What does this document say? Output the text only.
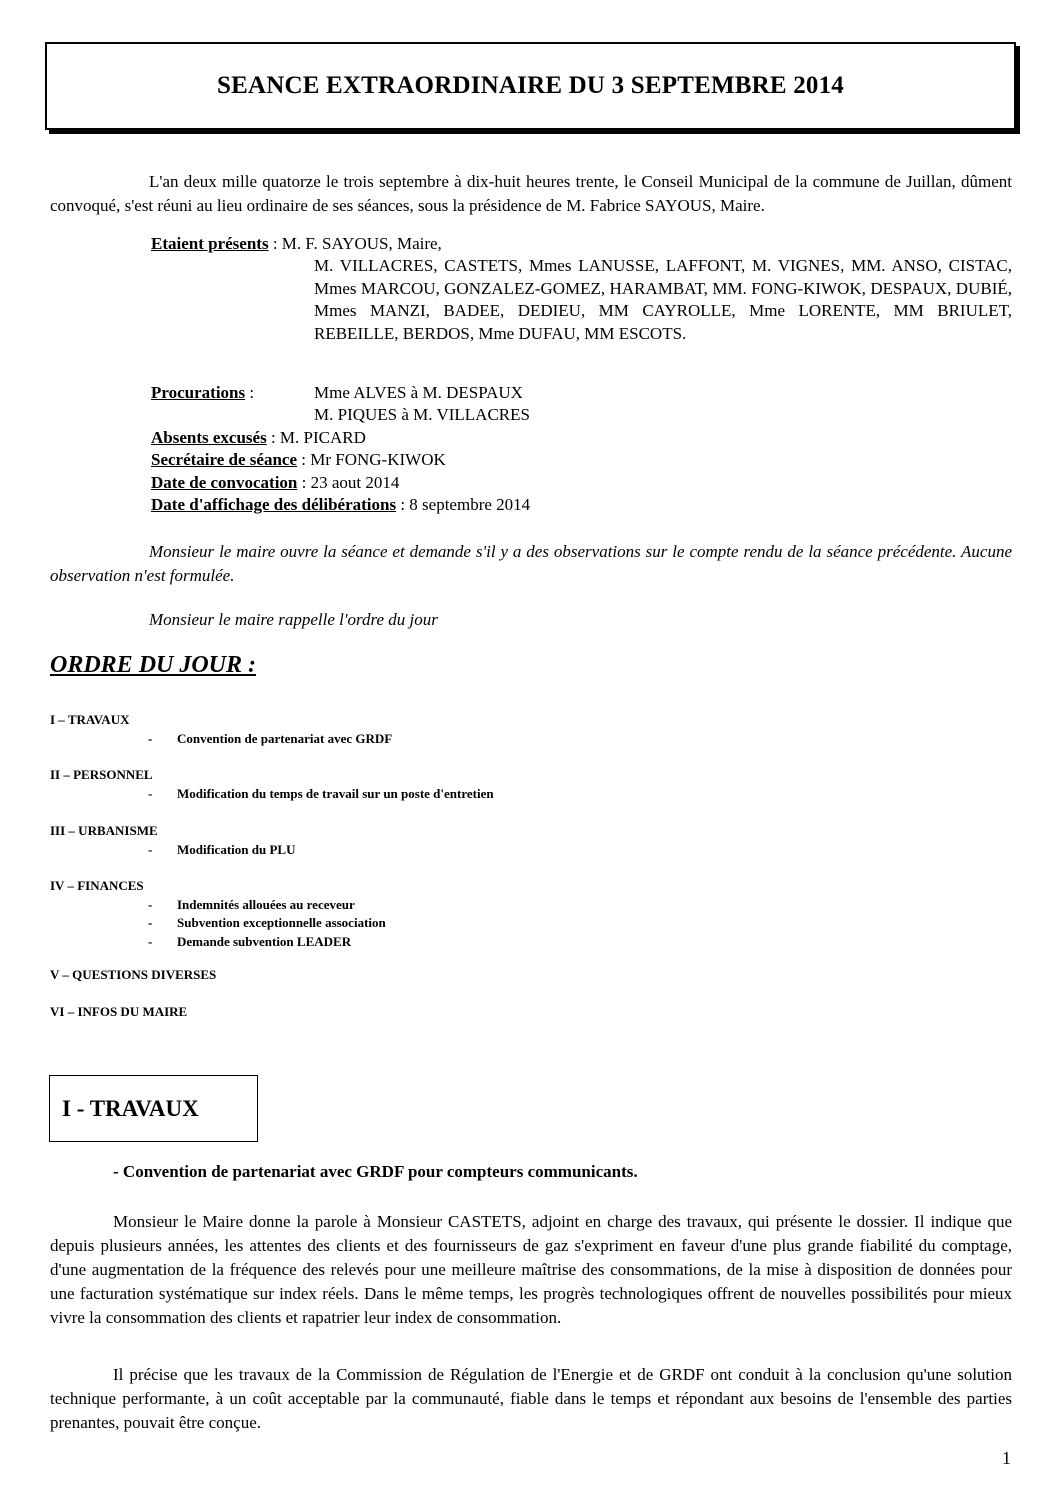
SEANCE EXTRAORDINAIRE DU 3 SEPTEMBRE 2014

L'an deux mille quatorze le trois septembre à dix-huit heures trente, le Conseil Municipal de la commune de Juillan, dûment convoqué, s'est réuni au lieu ordinaire de ses séances, sous la présidence de M. Fabrice SAYOUS, Maire.

Etaient présents : M. F. SAYOUS, Maire,

M. VILLACRES, CASTETS, Mmes LANUSSE, LAFFONT, M. VIGNES, MM. ANSO, CISTAC, Mmes MARCOU, GONZALEZ-GOMEZ, HARAMBAT, MM. FONG-KIWOK, DESPAUX, DUBIÉ, Mmes MANZI, BADEE, DEDIEU, MM CAYROLLE, Mme LORENTE, MM BRIULET, REBEILLE, BERDOS, Mme DUFAU, MM ESCOTS.

Procurations :	Mme ALVES à M. DESPAUX

M. PIQUES à M. VILLACRES

Absents excusés : M. PICARD

Secrétaire de séance : Mr FONG-KIWOK

Date de convocation : 23 aout 2014

Date d'affichage des délibérations : 8 septembre 2014

Monsieur le maire ouvre la séance et demande s'il y a des observations sur le compte rendu de la séance précédente. Aucune observation n'est formulée.

Monsieur le maire rappelle l'ordre du jour

ORDRE DU JOUR :

I – TRAVAUX

- Convention de partenariat avec GRDF

II – PERSONNEL

- Modification du temps de travail sur un poste d'entretien

III – URBANISME

- Modification du PLU

IV – FINANCES

- Indemnités allouées au receveur

- Subvention exceptionnelle association

- Demande subvention LEADER

V – QUESTIONS DIVERSES

VI – INFOS DU MAIRE

I - TRAVAUX

- Convention de partenariat avec GRDF pour compteurs communicants.

Monsieur le Maire donne la parole à Monsieur CASTETS, adjoint en charge des travaux, qui présente le dossier. Il indique que depuis plusieurs années, les attentes des clients et des fournisseurs de gaz s'expriment en faveur d'une plus grande fiabilité du comptage, d'une augmentation de la fréquence des relevés pour une meilleure maîtrise des consommations, de la mise à disposition de données pour une facturation systématique sur index réels. Dans le même temps, les progrès technologiques offrent de nouvelles possibilités pour mieux vivre la consommation des clients et rapatrier leur index de consommation.

Il précise que les travaux de la Commission de Régulation de l'Energie et de GRDF ont conduit à la conclusion qu'une solution technique performante, à un coût acceptable par la communauté, fiable dans le temps et répondant aux besoins de l'ensemble des parties prenantes, pouvait être conçue.

1
